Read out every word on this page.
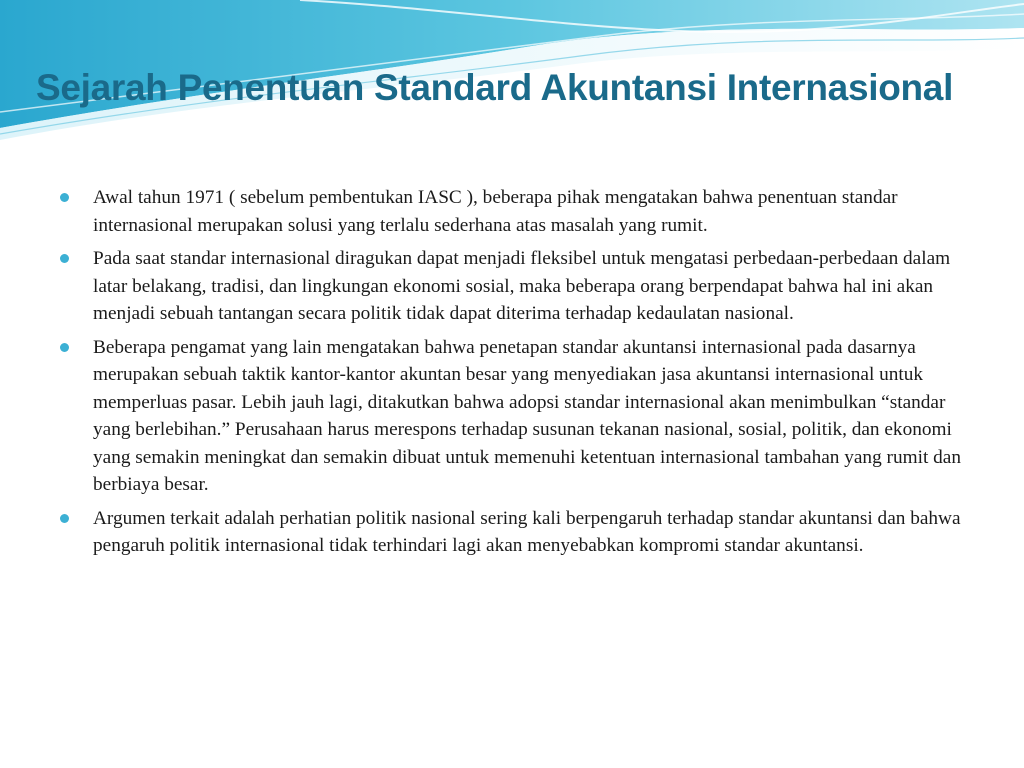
Sejarah Penentuan Standard Akuntansi Internasional
Awal tahun 1971 ( sebelum pembentukan IASC ), beberapa pihak mengatakan bahwa penentuan standar internasional merupakan solusi yang terlalu sederhana atas masalah yang rumit.
Pada saat standar internasional diragukan dapat menjadi fleksibel untuk mengatasi perbedaan-perbedaan dalam latar belakang, tradisi, dan lingkungan ekonomi sosial, maka beberapa orang berpendapat bahwa hal ini akan menjadi sebuah tantangan secara politik tidak dapat diterima terhadap kedaulatan nasional.
Beberapa pengamat yang lain mengatakan bahwa penetapan standar akuntansi internasional pada dasarnya merupakan sebuah taktik kantor-kantor akuntan besar yang menyediakan jasa akuntansi internasional untuk memperluas pasar. Lebih jauh lagi, ditakutkan bahwa adopsi standar internasional akan menimbulkan “standar yang berlebihan.” Perusahaan harus merespons terhadap susunan tekanan nasional, sosial, politik, dan ekonomi yang semakin meningkat dan semakin dibuat untuk memenuhi ketentuan internasional tambahan yang rumit dan berbiaya besar.
Argumen terkait adalah perhatian politik nasional sering kali berpengaruh terhadap standar akuntansi dan bahwa pengaruh politik internasional tidak terhindari lagi akan menyebabkan kompromi standar akuntansi.
